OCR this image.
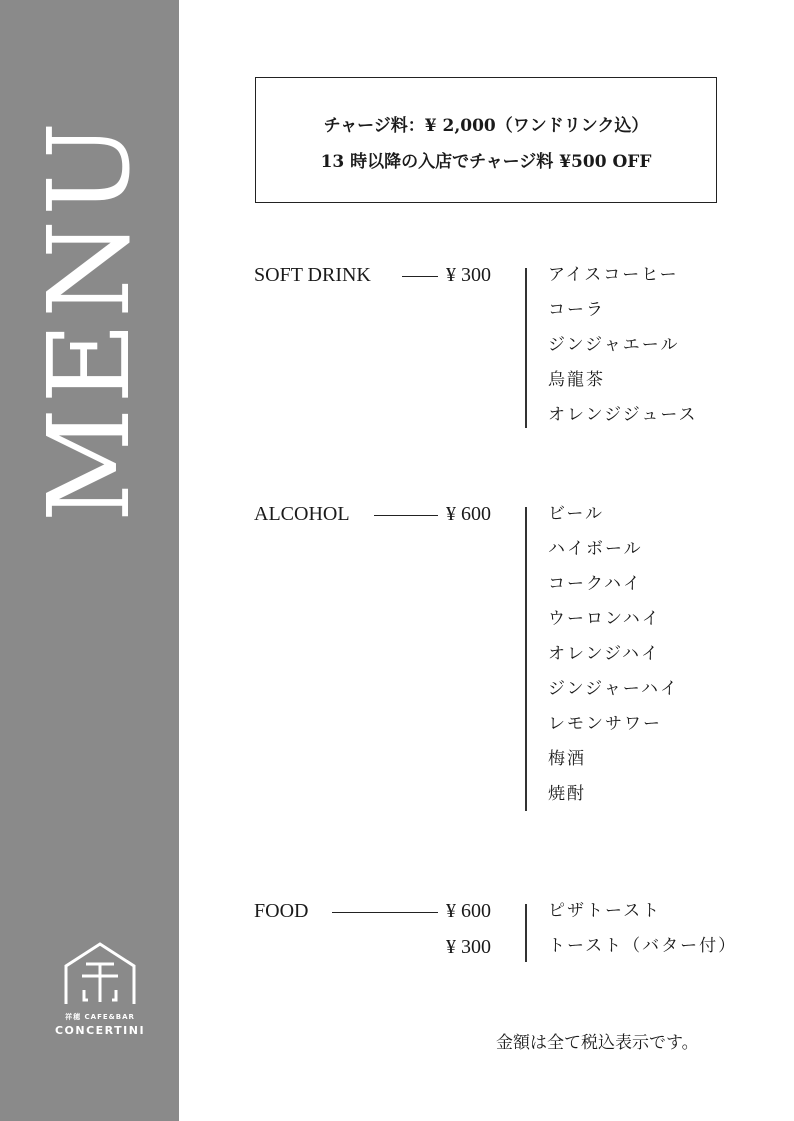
MENU
祥穂 CAFE&BAR
CONCERTINI
チャージ料：¥ 2,000（ワンドリンク込）
13 時以降の入店でチャージ料 ¥500 OFF
SOFT DRINK	¥ 300	アイスコーヒー
コーラ
ジンジャエール
烏龍茶
オレンジジュース
ALCOHOL	¥ 600	ビール
ハイボール
コークハイ
ウーロンハイ
オレンジハイ
ジンジャーハイ
レモンサワー
梅酒
焼酎
FOOD	¥ 600
¥ 300
ピザトースト
トースト（バター付）
金額は全て税込表示です。
